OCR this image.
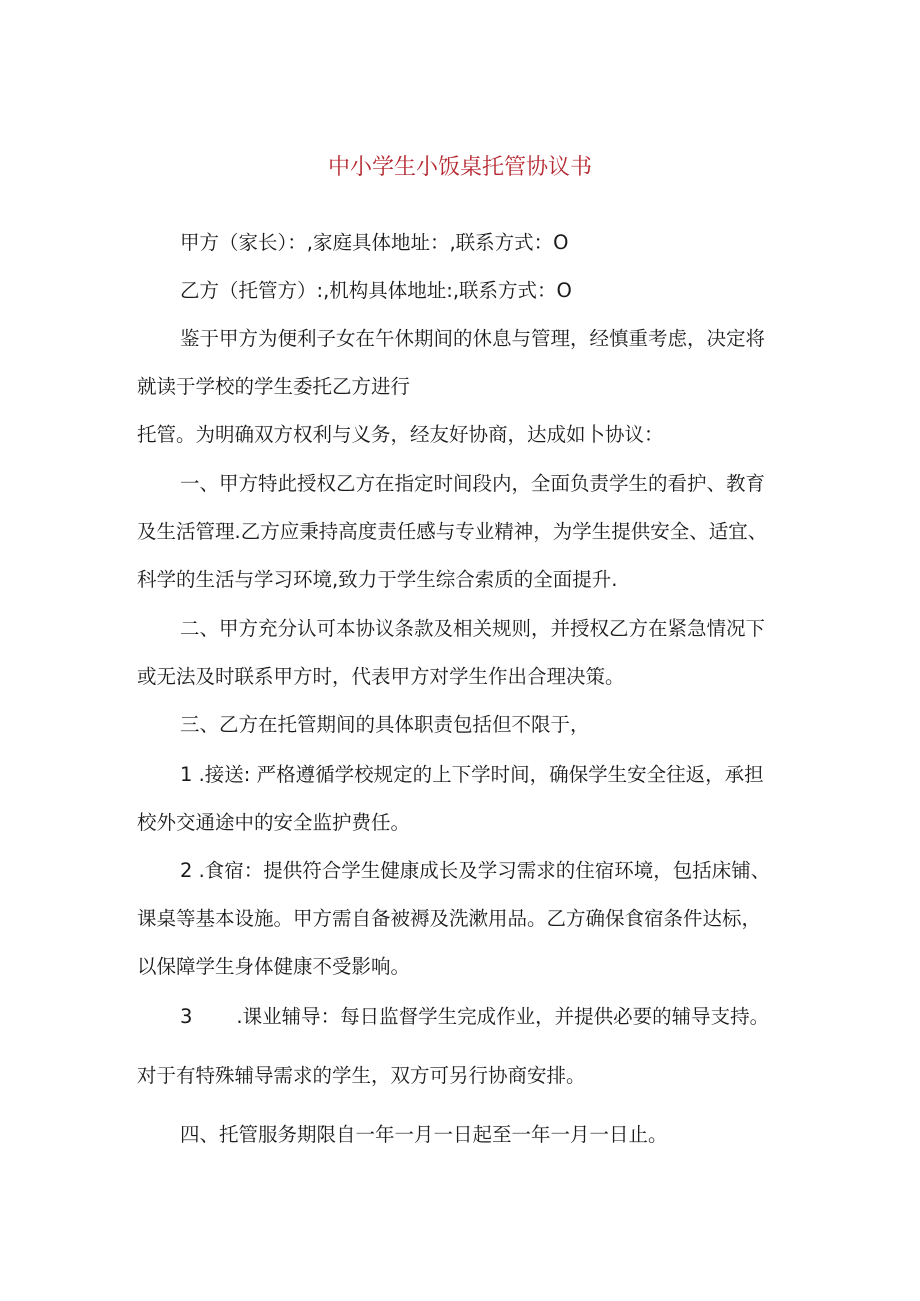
中小学生小饭桌托管协议书
甲方（家长）：,家庭具体地址：,联系方式：O
乙方（托管方）:,机构具体地址:,联系方式：O
鉴于甲方为便利子女在午休期间的休息与管理，经慎重考虑，决定将
就读于学校的学生委托乙方进行
托管。为明确双方权利与义务，经友好协商，达成如卜协议：
一、甲方特此授权乙方在指定时间段内，全面负责学生的看护、教育
及生活管理.乙方应秉持高度责任感与专业精神，为学生提供安全、适宜、
科学的生活与学习环境,致力于学生综合索质的全面提升.
二、甲方充分认可本协议条款及相关规则，并授权乙方在紧急情况下
或无法及时联系甲方时，代表甲方对学生作出合理决策。
三、乙方在托管期间的具体职责包括但不限于，
1 .接送: 严格遵循学校规定的上下学时间，确保学生安全往返，承担
校外交通途中的安全监护费任。
2 .食宿：提供符合学生健康成长及学习需求的住宿环境，包括床铺、
课桌等基本设施。甲方需自备被褥及洗漱用品。乙方确保食宿条件达标，
以保障学生身体健康不受影响。
3 .课业辅导：每日监督学生完成作业，并提供必要的辅导支持。
对于有特殊辅导需求的学生，双方可另行协商安排。
四、托管服务期限自一年一月一日起至一年一月一日止。
